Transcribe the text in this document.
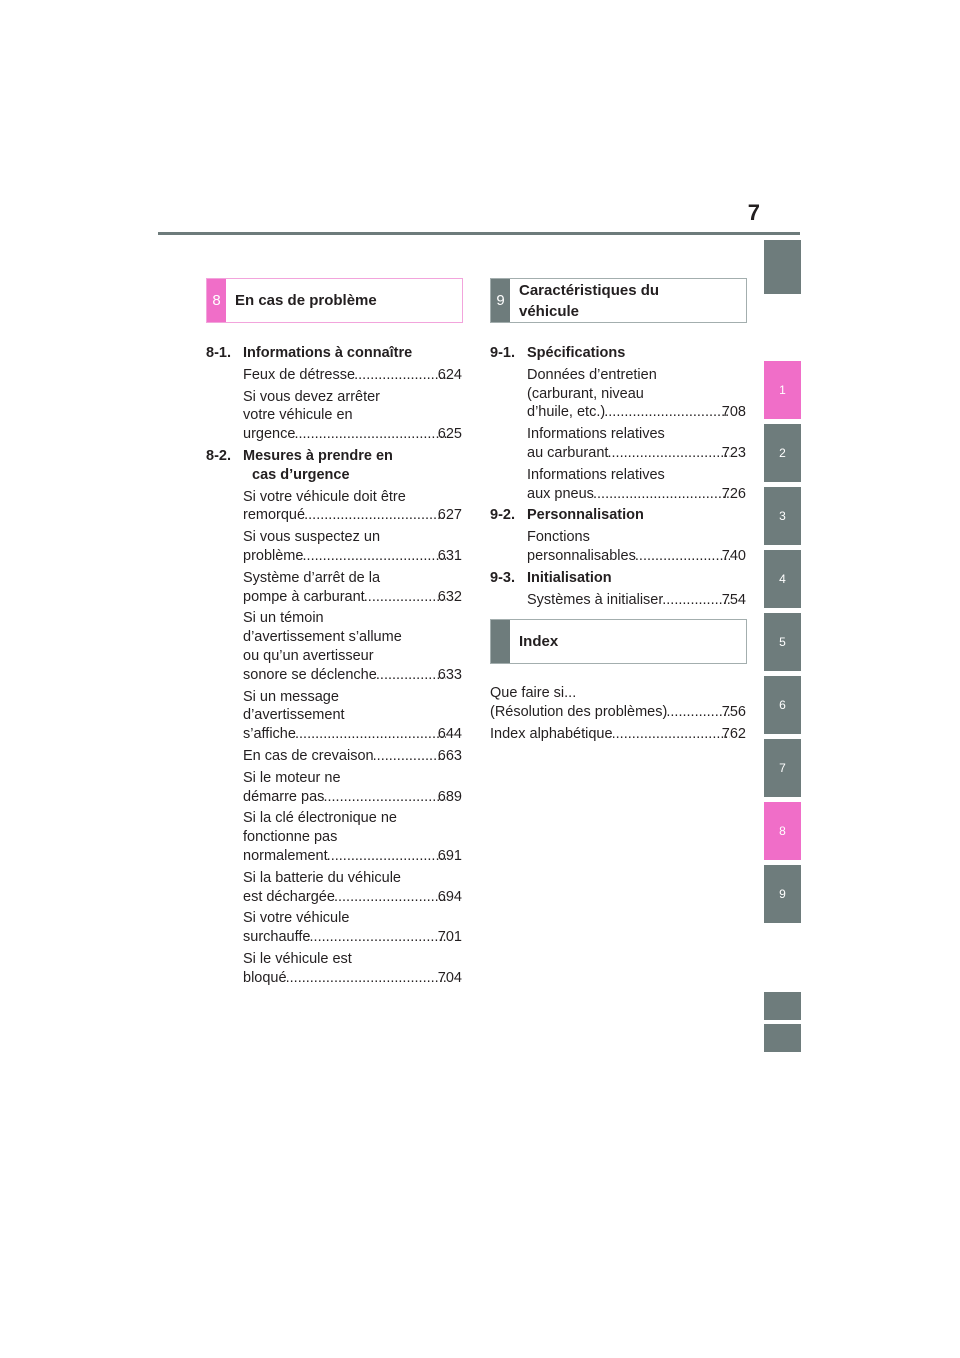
7
1
2
3
4
5
6
7
8
9
8 En cas de problème
8-1. Informations à connaître
Feux de détresse .....	624
Si vous devez arrêter
votre véhicule en
urgence .....	625
8-2. Mesures à prendre en
cas d’urgence
Si votre véhicule doit être
remorqué .....	627
Si vous suspectez un
problème .....	631
Système d’arrêt de la
pompe à carburant .....	632
Si un témoin
d’avertissement s’allume
ou qu’un avertisseur
sonore se déclenche .....	633
Si un message
d’avertissement
s’affiche .....	644
En cas de crevaison .....	663
Si le moteur ne
démarre pas .....	689
Si la clé électronique ne
fonctionne pas
normalement .....	691
Si la batterie du véhicule
est déchargée .....	694
Si votre véhicule
surchauffe .....	701
Si le véhicule est
bloqué .....	704
9
Caractéristiques du
véhicule
9-1. Spécifications
Données d’entretien
(carburant, niveau
d’huile, etc.) .....	708
Informations relatives
au carburant .....	723
Informations relatives
aux pneus .....	726
9-2. Personnalisation
Fonctions
personnalisables .....	740
9-3. Initialisation
Systèmes à initialiser .....	754
Index
Que faire si...
(Résolution des problèmes) .....	756
Index alphabétique .....	762
